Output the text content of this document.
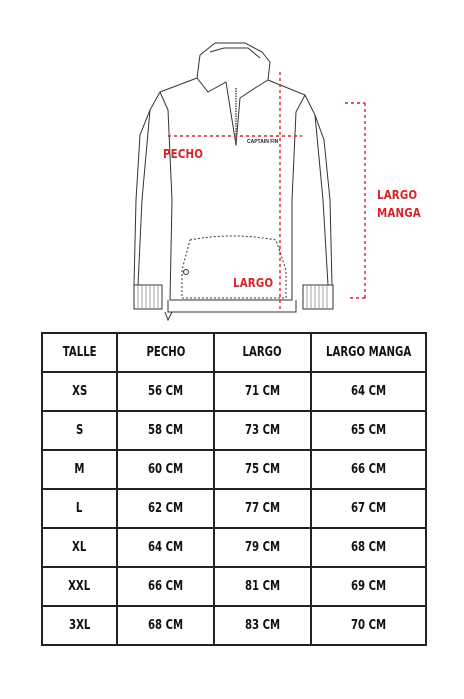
CAPTAIN FIN
PECHO
LARGO
LARGO
MANGA
TALLE	PECHO	LARGO	LARGO MANGA
XS	56 CM	71 CM	64 CM
S	58 CM	73 CM	65 CM
M	60 CM	75 CM	66 CM
L	62 CM	77 CM	67 CM
XL	64 CM	79 CM	68 CM
XXL	66 CM	81 CM	69 CM
3XL	68 CM	83 CM	70 CM
